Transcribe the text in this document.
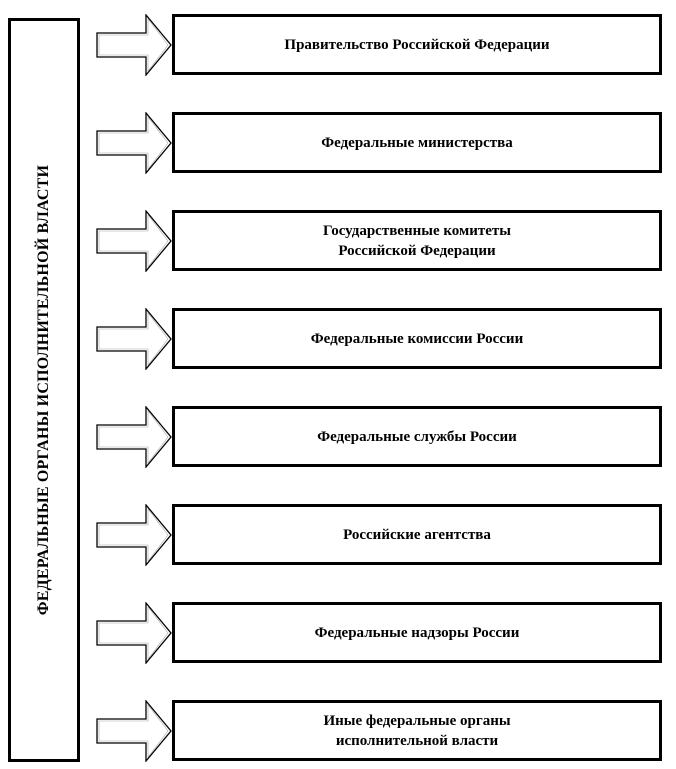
ФЕДЕРАЛЬНЫЕ ОРГАНЫ ИСПОЛНИТЕЛЬНОЙ ВЛАСТИ
Правительство Российской Федерации
Федеральные министерства
Государственные комитеты
Российской Федерации
Федеральные комиссии России
Федеральные службы России
Российские агентства
Федеральные надзоры России
Иные федеральные органы
исполнительной власти
